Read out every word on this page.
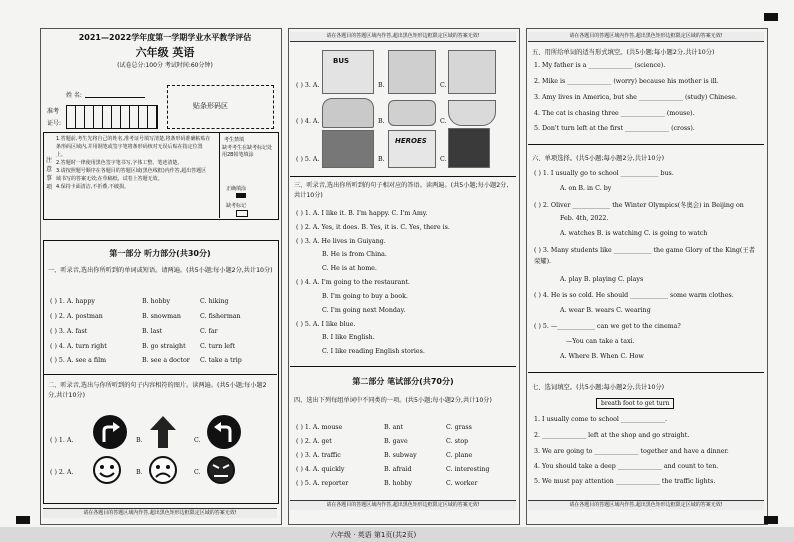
2021—2022学年度第一学期学业水平教学评估
六年级 英语
(试卷总分:100分 考试时间:60分钟)
姓 名:
准考
证号:
贴条形码区
注意事项
1.答题前,考生先将自己的姓名,准考证号填写清楚,将条形码准确粘贴在条形码区域内,并用钢笔或签字笔将条形码核对无误后贴在指定位置上。
2.答题时一律使用黑色签字笔书写,字体工整、笔迹清楚。
3.请按照题号顺序在各题目的答题区域(黑色线框)内作答,超出答题区域书写的答案无效;在草稿纸、试卷上答题无效。
4.保持卡面清洁,不折叠,不破损。
考生禁填
缺考考生在缺考标记处用2B铅笔填涂
正确填涂
缺考标记
第一部分 听力部分(共30分)
一、听录音,选出你所听到的单词或短语。请两遍。(共5小题;每小题2分,共计10分)
( ) 1. A. happy	B. hobby	C. hiking
( ) 2. A. postman	B. snowman	C. fisherman
( ) 3. A. fast	B. last	C. far
( ) 4. A. turn right	B. go straight C. turn left
( ) 5. A. see a film	B. see a doctor C. take a trip
二、听录音,选出与你所听到的句子内容相符的图片。读两遍。(共5小题;每小题2分,共计10分)
( ) 1. A.	B.	C.
( ) 2. A.	B.	C.
请在各题目的答题区域内作答,超出黑色矩形边框限定区域的答案无效!
请在各题目的答题区域内作答,超出黑色矩形边框限定区域的答案无效!
( ) 3. A.
BUS
B.	C.
( ) 4. A.	B.	C.
( ) 5. A.	B.
HEROES
C.
三、听录音,选出你所听到的句子相对应的答语。读两遍。(共5小题;每小题2分,共计10分)
( ) 1. A. I like it. B. I'm happy. C. I'm Amy.
( ) 2. A. Yes, it does. B. Yes, it is. C. Yes, there is.
( ) 3. A. He lives in Guiyang.
B. He is from China.
C. He is at home.
( ) 4. A. I'm going to the restaurant.
B. I'm going to buy a book.
C. I'm going next Monday.
( ) 5. A. I like blue.
B. I like English.
C. I like reading English stories.
第二部分 笔试部分(共70分)
四、选出下列每组单词中不同类的一项。(共5小题;每小题2分,共计10分)
( ) 1. A. mouse	B. ant	C. grass
( ) 2. A. get	B. gave	C. stop
( ) 3. A. traffic	B. subway	C. plane
( ) 4. A. quickly	B. afraid	C. interesting
( ) 5. A. reporter	B. hobby	C. worker
请在各题目的答题区域内作答,超出黑色矩形边框限定区域的答案无效!
请在各题目的答题区域内作答,超出黑色矩形边框限定区域的答案无效!
五、用所给单词的适当形式填空。(共5小题;每小题2分,共计10分)
1. My father is a ______________ (science).
2. Mike is ______________ (worry) because his mother is ill.
3. Amy lives in America, but she ______________ (study) Chinese.
4. The cat is chasing three ______________ (mouse).
5. Don't turn left at the first ______________ (cross).
六、单项选择。(共5小题;每小题2分,共计10分)
( ) 1. I usually go to school ____________ bus.
A. on B. in C. by
( ) 2. Oliver ____________ the Winter Olympics(冬奥会) in Beijing on
Feb. 4th, 2022.
A. watches B. is watching C. is going to watch
( ) 3. Many students like ____________ the game Glory of the King(王者荣耀).
A. play B. playing C. plays
( ) 4. He is so cold. He should ____________ some warm clothes.
A. wear B. wears C. wearing
( ) 5. —____________ can we get to the cinema?
—You can take a taxi.
A. Where B. When C. How
七、选词填空。(共5小题;每小题2分,共计10分)
breath foot to get turn
1. I usually come to school ______________.
2. ______________ left at the shop and go straight.
3. We are going to ______________ together and have a dinner.
4. You should take a deep ______________ and count to ten.
5. We must pay attention ______________ the traffic lights.
请在各题目的答题区域内作答,超出黑色矩形边框限定区域的答案无效!
六年级 · 英语 第1页(共2页)
